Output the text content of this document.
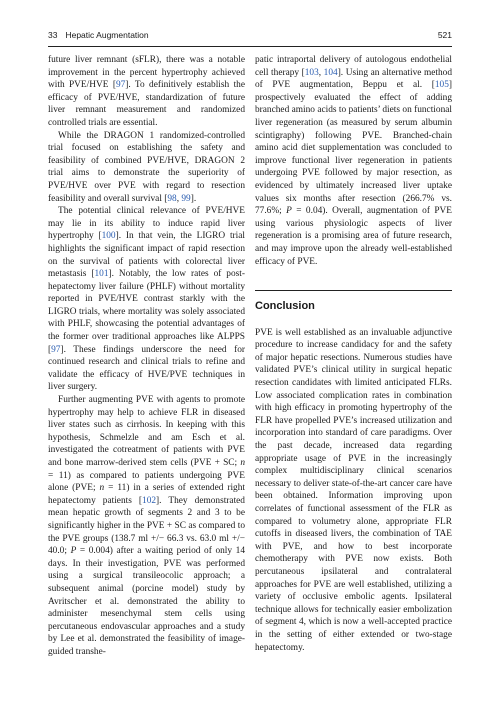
33 Hepatic Augmentation	521

future liver remnant (sFLR), there was a notable improvement in the percent hypertrophy achieved with PVE/HVE [97]. To definitively establish the efficacy of PVE/HVE, standardization of future liver remnant measurement and randomized controlled trials are essential.

While the DRAGON 1 randomized-controlled trial focused on establishing the safety and feasibility of combined PVE/HVE, DRAGON 2 trial aims to demonstrate the superiority of PVE/HVE over PVE with regard to resection feasibility and overall survival [98, 99].

The potential clinical relevance of PVE/HVE may lie in its ability to induce rapid liver hypertrophy [100]. In that vein, the LIGRO trial highlights the significant impact of rapid resection on the survival of patients with colorectal liver metastasis [101]. Notably, the low rates of post-hepatectomy liver failure (PHLF) without mortality reported in PVE/HVE contrast starkly with the LIGRO trials, where mortality was solely associated with PHLF, showcasing the potential advantages of the former over traditional approaches like ALPPS [97]. These findings underscore the need for continued research and clinical trials to refine and validate the efficacy of HVE/PVE techniques in liver surgery.

Further augmenting PVE with agents to promote hypertrophy may help to achieve FLR in diseased liver states such as cirrhosis. In keeping with this hypothesis, Schmelzle and am Esch et al. investigated the cotreatment of patients with PVE and bone marrow-derived stem cells (PVE + SC; n = 11) as compared to patients undergoing PVE alone (PVE; n = 11) in a series of extended right hepatectomy patients [102]. They demonstrated mean hepatic growth of segments 2 and 3 to be significantly higher in the PVE + SC as compared to the PVE groups (138.7 ml +/− 66.3 vs. 63.0 ml +/− 40.0; P = 0.004) after a waiting period of only 14 days. In their investigation, PVE was performed using a surgical transileocolic approach; a subsequent animal (porcine model) study by Avritscher et al. demonstrated the ability to administer mesenchymal stem cells using percutaneous endovascular approaches and a study by Lee et al. demonstrated the feasibility of image-guided transhe-

patic intraportal delivery of autologous endothelial cell therapy [103, 104]. Using an alternative method of PVE augmentation, Beppu et al. [105] prospectively evaluated the effect of adding branched amino acids to patients’ diets on functional liver regeneration (as measured by serum albumin scintigraphy) following PVE. Branched-chain amino acid diet supplementation was concluded to improve functional liver regeneration in patients undergoing PVE followed by major resection, as evidenced by ultimately increased liver uptake values six months after resection (266.7% vs. 77.6%; P = 0.04). Overall, augmentation of PVE using various physiologic aspects of liver regeneration is a promising area of future research, and may improve upon the already well-established efficacy of PVE.

Conclusion

PVE is well established as an invaluable adjunctive procedure to increase candidacy for and the safety of major hepatic resections. Numerous studies have validated PVE’s clinical utility in surgical hepatic resection candidates with limited anticipated FLRs. Low associated complication rates in combination with high efficacy in promoting hypertrophy of the FLR have propelled PVE’s increased utilization and incorporation into standard of care paradigms. Over the past decade, increased data regarding appropriate usage of PVE in the increasingly complex multidisciplinary clinical scenarios necessary to deliver state-of-the-art cancer care have been obtained. Information improving upon correlates of functional assessment of the FLR as compared to volumetry alone, appropriate FLR cutoffs in diseased livers, the combination of TAE with PVE, and how to best incorporate chemotherapy with PVE now exists. Both percutaneous ipsilateral and contralateral approaches for PVE are well established, utilizing a variety of occlusive embolic agents. Ipsilateral technique allows for technically easier embolization of segment 4, which is now a well-accepted practice in the setting of either extended or two-stage hepatectomy.
